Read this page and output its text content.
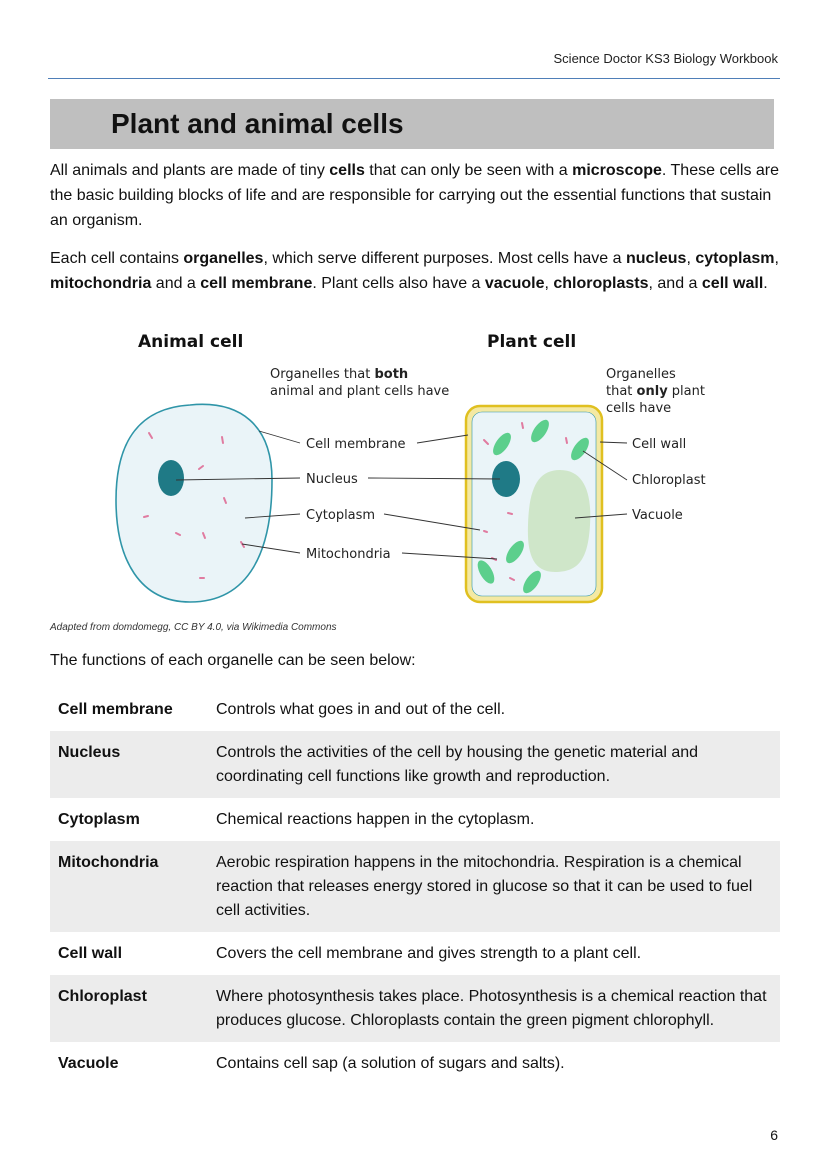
Science Doctor KS3 Biology Workbook
Plant and animal cells

All animals and plants are made of tiny cells that can only be seen with a microscope. These cells are the basic building blocks of life and are responsible for carrying out the essential functions that sustain an organism.

Each cell contains organelles, which serve different purposes. Most cells have a nucleus, cytoplasm, mitochondria and a cell membrane. Plant cells also have a vacuole, chloroplasts, and a cell wall.

Animal cell	Plant cell
Organelles that both
animal and plant cells have
Organelles
that only plant
cells have
Cell membrane
Nucleus
Cytoplasm
Mitochondria
Cell wall
Chloroplast
Vacuole
Adapted from domdomegg, CC BY 4.0, via Wikimedia Commons
The functions of each organelle can be seen below:
Cell membrane	Controls what goes in and out of the cell.
Nucleus	Controls the activities of the cell by housing the genetic material and coordinating cell functions like growth and reproduction.
Cytoplasm	Chemical reactions happen in the cytoplasm.
Mitochondria	Aerobic respiration happens in the mitochondria. Respiration is a chemical reaction that releases energy stored in glucose so that it can be used to fuel cell activities.
Cell wall	Covers the cell membrane and gives strength to a plant cell.
Chloroplast	Where photosynthesis takes place. Photosynthesis is a chemical reaction that produces glucose. Chloroplasts contain the green pigment chlorophyll.
Vacuole	Contains cell sap (a solution of sugars and salts).
6
